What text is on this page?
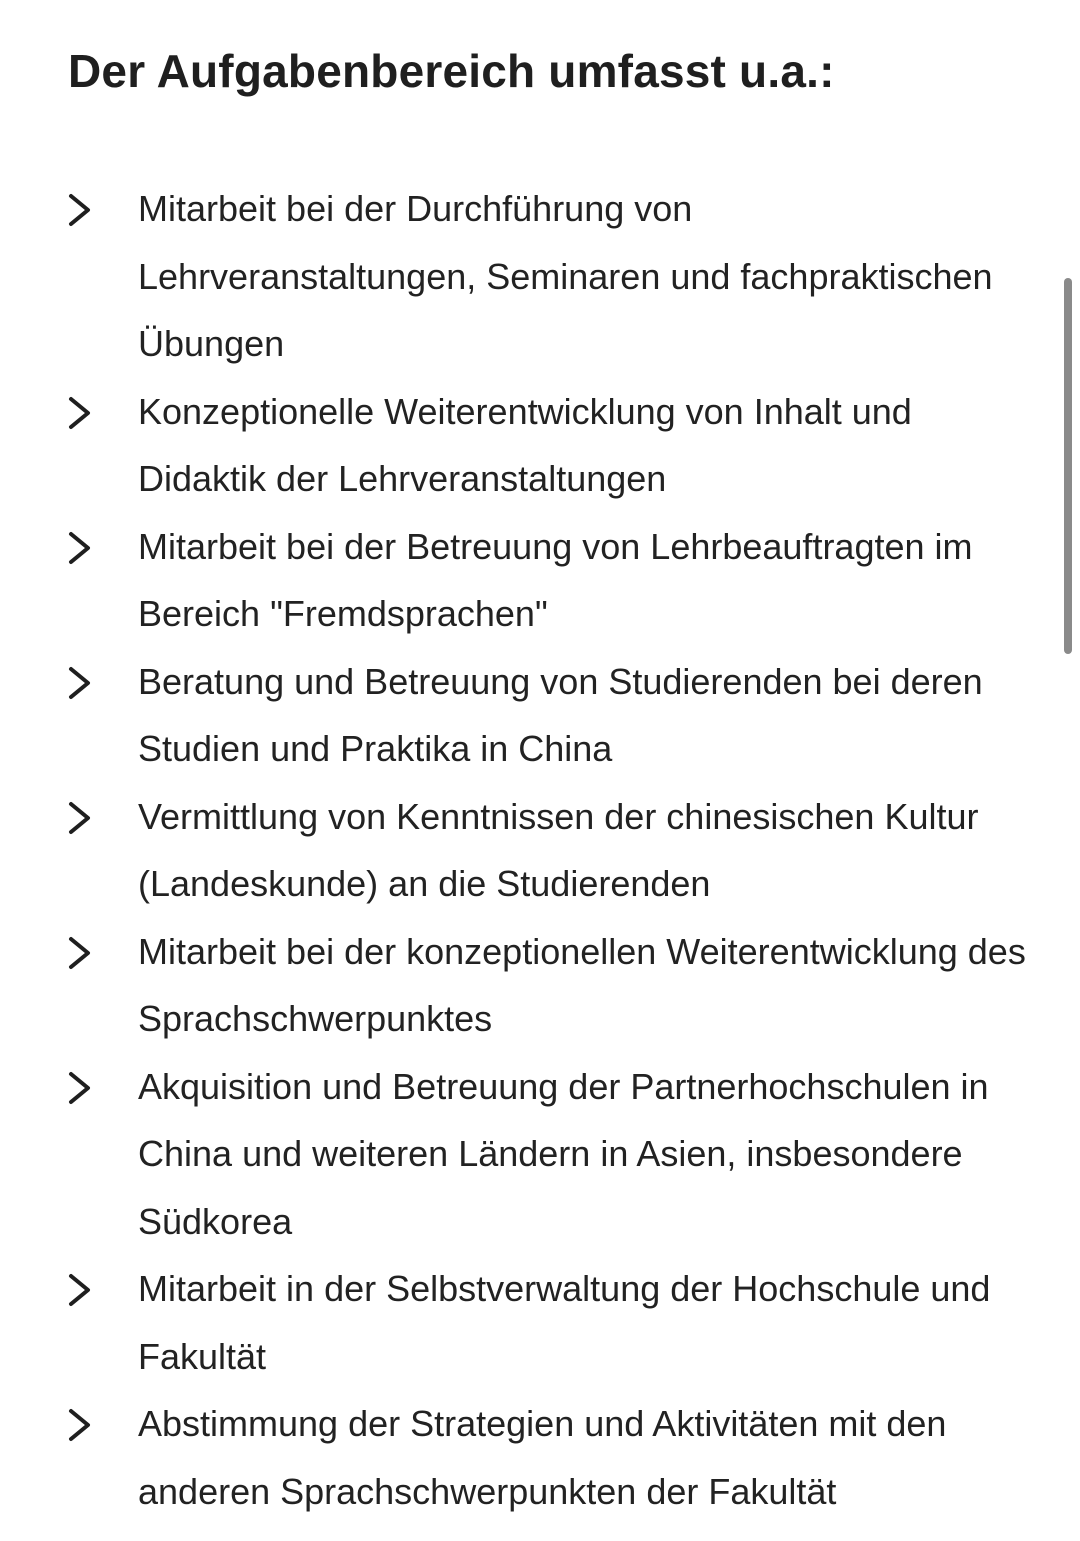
Der Aufgabenbereich umfasst u.a.:
Mitarbeit bei der Durchführung von Lehrveranstaltungen, Seminaren und fachpraktischen Übungen
Konzeptionelle Weiterentwicklung von Inhalt und Didaktik der Lehrveranstaltungen
Mitarbeit bei der Betreuung von Lehrbeauftragten im Bereich "Fremdsprachen"
Beratung und Betreuung von Studierenden bei deren Studien und Praktika in China
Vermittlung von Kenntnissen der chinesischen Kultur (Landeskunde) an die Studierenden
Mitarbeit bei der konzeptionellen Weiterentwicklung des Sprachschwerpunktes
Akquisition und Betreuung der Partnerhochschulen in China und weiteren Ländern in Asien, insbesondere Südkorea
Mitarbeit in der Selbstverwaltung der Hochschule und Fakultät
Abstimmung der Strategien und Aktivitäten mit den anderen Sprachschwerpunkten der Fakultät
